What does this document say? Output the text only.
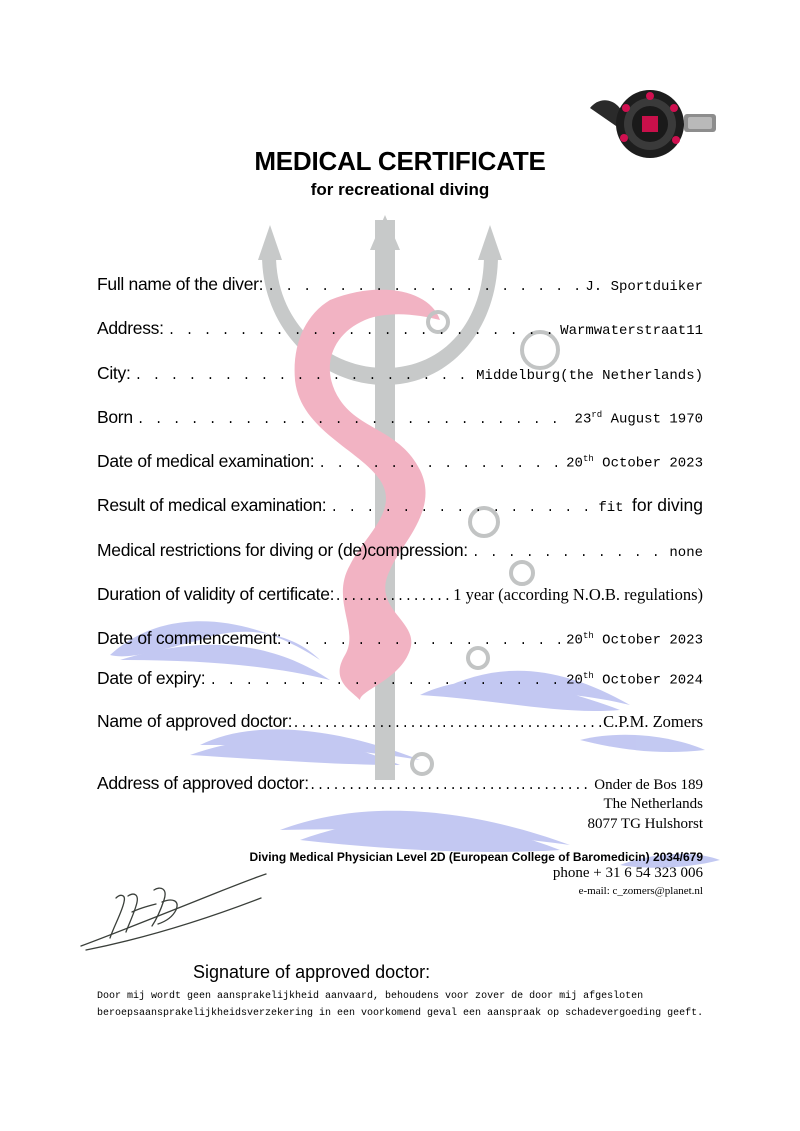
MEDICAL CERTIFICATE
for recreational diving
Full name of the diver: . . .	J. Sportduiker
Address: . . .	Warmwaterstraat11
City: . . .	Middelburg(the Netherlands)
Born . . .	23rd August 1970
Date of medical examination: . . .	20th October 2023
Result of medical examination: . . .	fit for diving
Medical restrictions for diving or (de)compression: . . .	none
Duration of validity of certificate: .....	1 year (according N.O.B. regulations)
Date of commencement: . . .	20th October 2023
Date of expiry: . . .	20th October 2024
Name of approved doctor: .....	C.P.M. Zomers
Address of approved doctor: .....	Onder de Bos 189
The Netherlands
8077 TG Hulshorst
Diving Medical Physician Level 2D (European College of Baromedicin) 2034/679
phone + 31 6 54 323 006
e-mail: c_zomers@planet.nl
Signature of approved doctor:

Door mij wordt geen aansprakelijkheid aanvaard, behoudens voor zover de door mij afgesloten beroepsaansprakelijkheidsverzekering in een voorkomend geval een aanspraak op schadevergoeding geeft.
